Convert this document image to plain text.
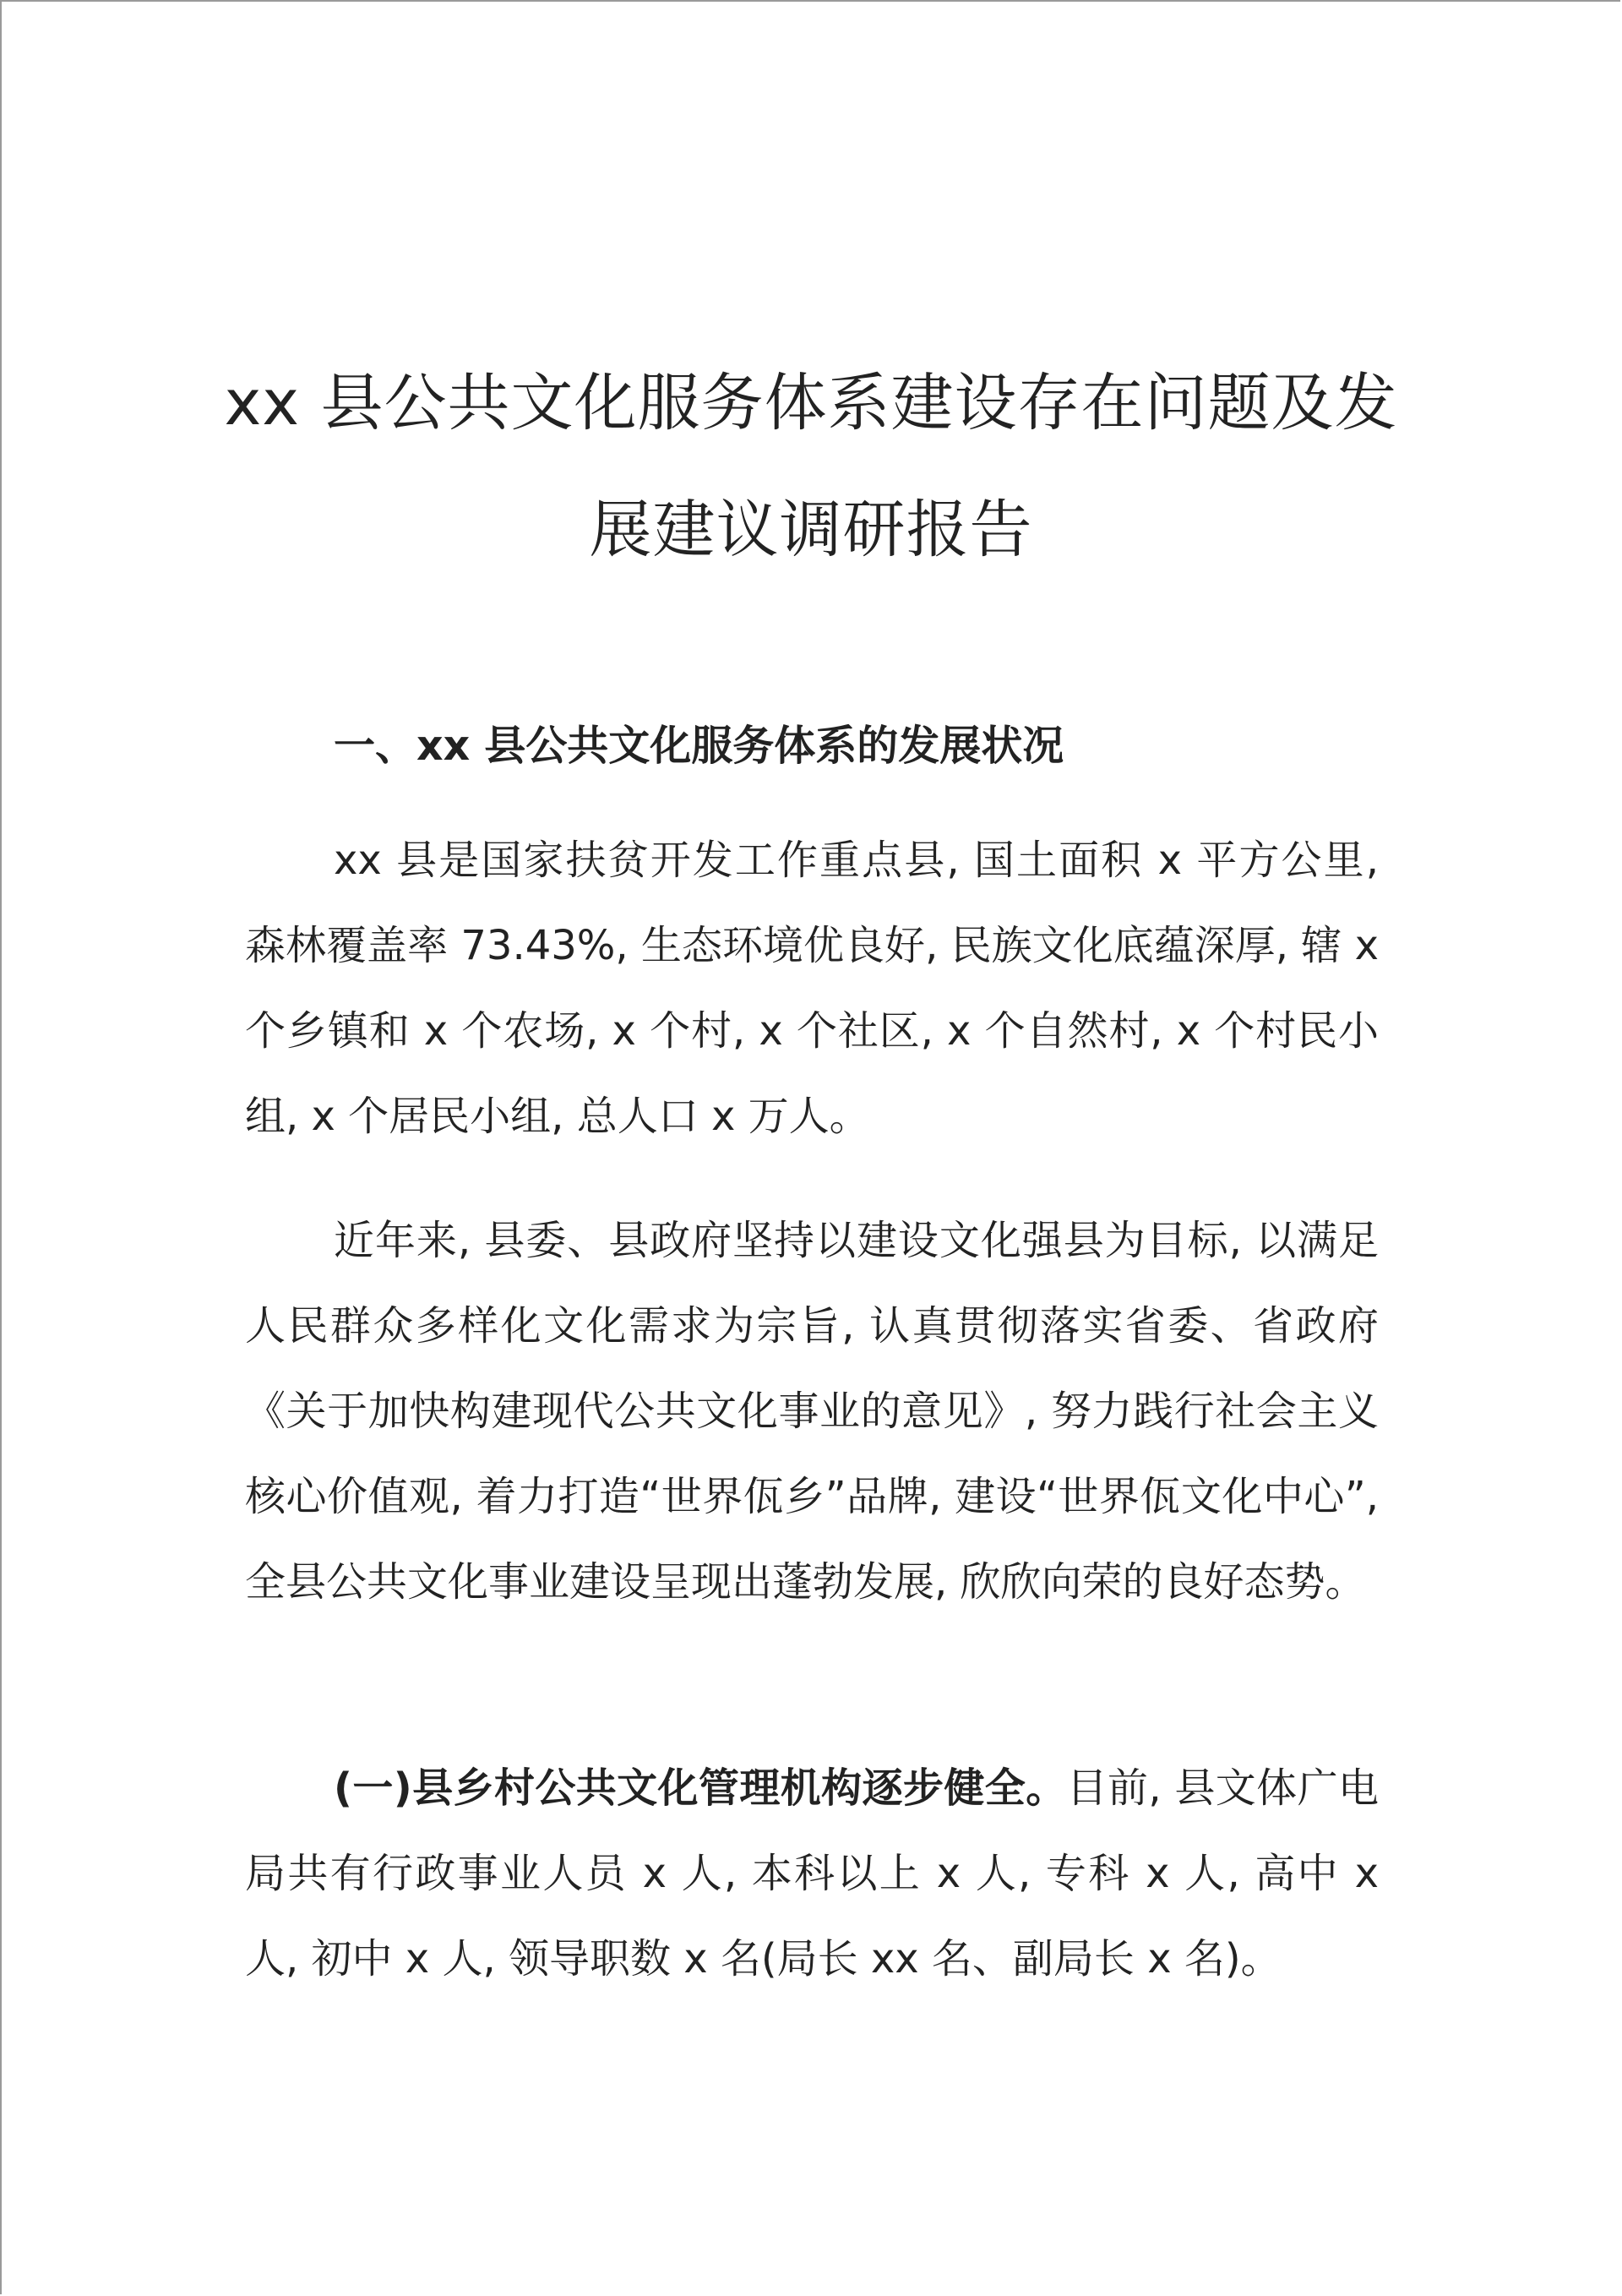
xx 县公共文化服务体系建设存在问题及发
展建议调研报告
一、xx 县公共文化服务体系的发展状况

xx 县是国家扶贫开发工作重点县, 国土面积 x 平方公里, 森林覆盖率 73.43%, 生态环境优良好, 民族文化底蕴深厚, 辖 x 个乡镇和 x 个农场, x 个村, x 个社区, x 个自然村, x 个村民小组, x 个居民小组, 总人口 x 万人。

近年来, 县委、县政府坚持以建设文化强县为目标, 以满足人民群众多样化文化需求为宗旨, 认真贯彻落实省委、省政府《关于加快构建现代公共文化事业的意见》, 努力践行社会主义核心价值观, 着力打造“世界佤乡”品牌, 建设“世界佤文化中心”, 全县公共文化事业建设呈现出蓬勃发展, 欣欣向荣的良好态势。

(一)县乡村公共文化管理机构逐步健全。目前, 县文体广电局共有行政事业人员 x 人, 本科以上 x 人, 专科 x 人, 高中 x 人, 初中 x 人, 领导职数 x 名(局长 xx 名、副局长 x 名)。
